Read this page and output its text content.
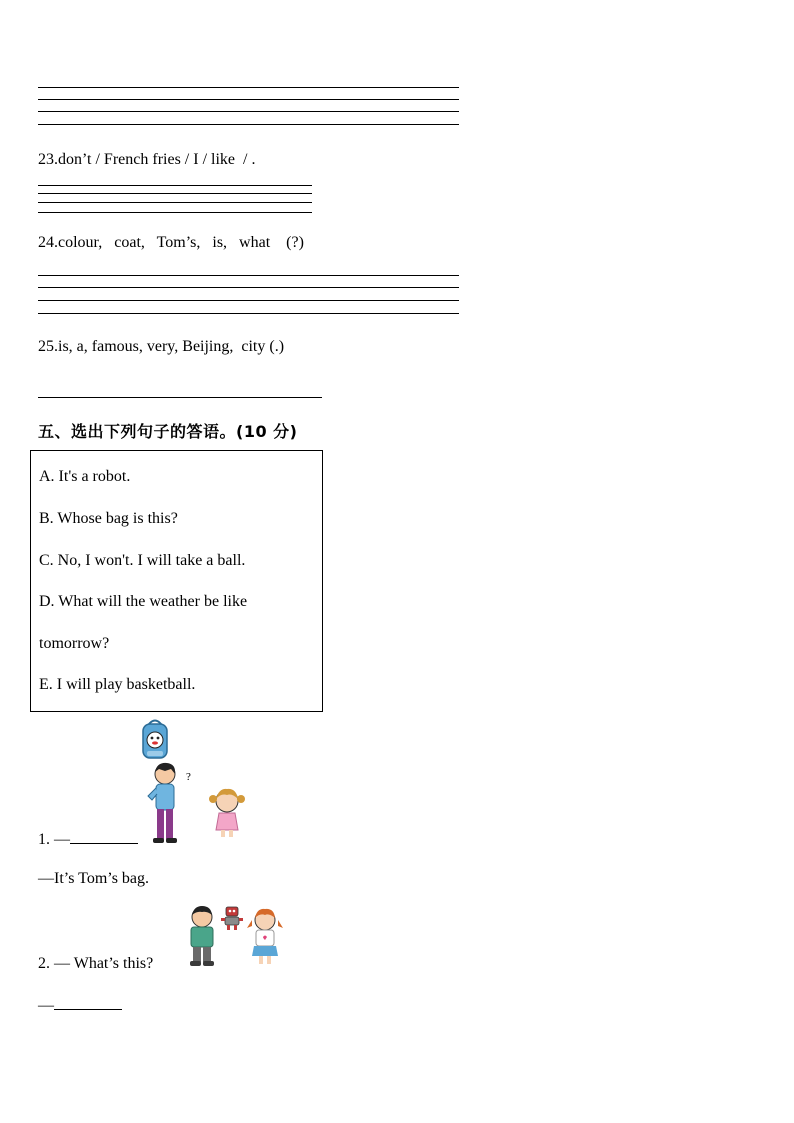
23.don’t / French fries / I / like  / .
24.colour,   coat,   Tom’s,   is,   what    (?)
25.is, a, famous, very, Beijing,  city (.)
五、选出下列句子的答语。(10 分)
A. It's a robot.
B. Whose bag is this?
C. No, I won't. I will take a ball.
D. What will the weather be like
tomorrow?
E. I will play basketball.
?
1. —
—It’s Tom’s bag.
2. — What’s this?
—
